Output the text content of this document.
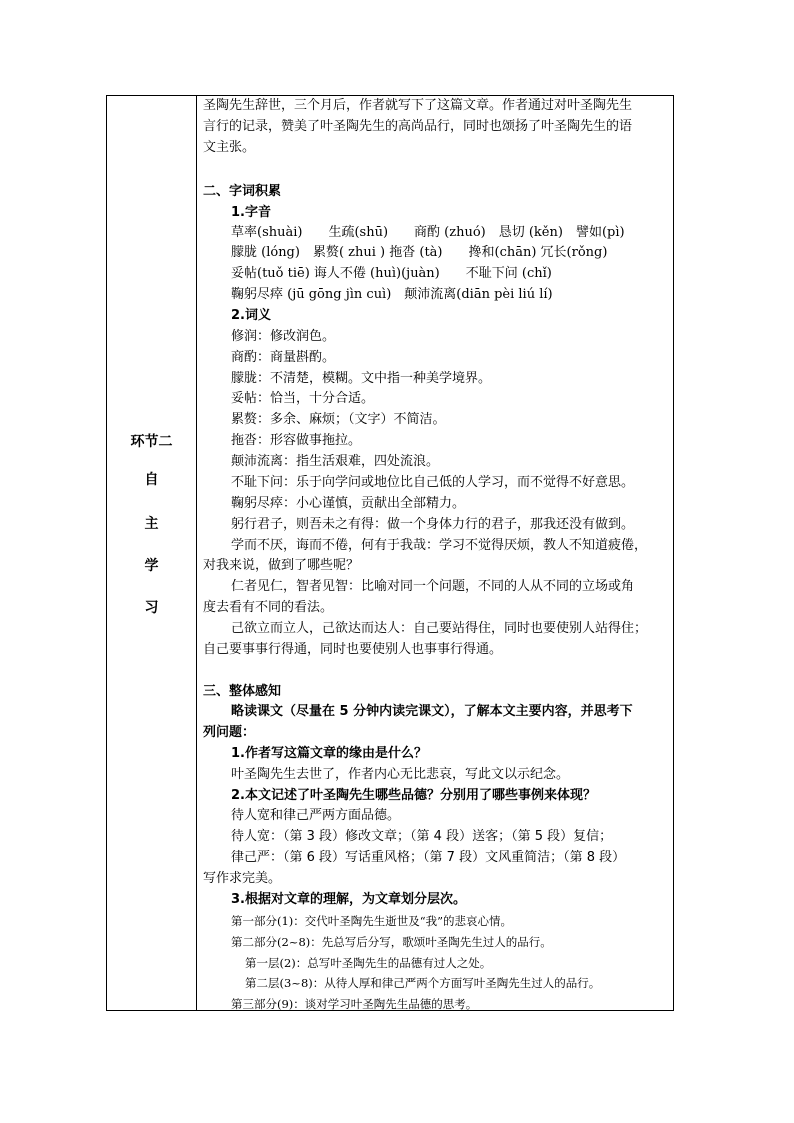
环节二
自
主
学
习
圣陶先生辞世，三个月后，作者就写下了这篇文章。作者通过对叶圣陶先生
言行的记录，赞美了叶圣陶先生的高尚品行，同时也颂扬了叶圣陶先生的语
文主张。
二、字词积累
1.字音
草率(shuài)　　生疏(shū)　　商酌 (zhuó)　恳切 (kěn)　譬如(pì)
朦胧 (lóng)　累赘( zhui ) 拖沓 (tà)　　搀和(chān) 冗长(rǒng)
妥帖(tuǒ tiē) 诲人不倦 (huì)(juàn)　　不耻下问 (chǐ)
鞠躬尽瘁 (jū gōng jìn cuì)　颠沛流离(diān pèi liú lí)
2.词义
修润：修改润色。
商酌：商量斟酌。
朦胧：不清楚，模糊。文中指一种美学境界。
妥帖：恰当，十分合适。
累赘：多余、麻烦；（文字）不简洁。
拖沓：形容做事拖拉。
颠沛流离：指生活艰难，四处流浪。
不耻下问：乐于向学问或地位比自己低的人学习，而不觉得不好意思。
鞠躬尽瘁：小心谨慎，贡献出全部精力。
躬行君子，则吾未之有得：做一个身体力行的君子，那我还没有做到。
学而不厌，诲而不倦，何有于我哉：学习不觉得厌烦，教人不知道疲倦，
对我来说，做到了哪些呢？
仁者见仁，智者见智：比喻对同一个问题，不同的人从不同的立场或角
度去看有不同的看法。
己欲立而立人，己欲达而达人：自己要站得住，同时也要使别人站得住；
自己要事事行得通，同时也要使别人也事事行得通。
三、整体感知
略读课文（尽量在 5 分钟内读完课文），了解本文主要内容，并思考下
列问题：
1.作者写这篇文章的缘由是什么？
叶圣陶先生去世了，作者内心无比悲哀，写此文以示纪念。
2.本文记述了叶圣陶先生哪些品德？分别用了哪些事例来体现？
待人宽和律己严两方面品德。
待人宽：（第 3 段）修改文章；（第 4 段）送客；（第 5 段）复信；
律己严：（第 6 段）写话重风格；（第 7 段）文风重简洁；（第 8 段）
写作求完美。
3.根据对文章的理解，为文章划分层次。
第一部分(1)：交代叶圣陶先生逝世及“我”的悲哀心情。
第二部分(2~8)：先总写后分写，歌颂叶圣陶先生过人的品行。
第一层(2)：总写叶圣陶先生的品德有过人之处。
第二层(3~8)：从待人厚和律己严两个方面写叶圣陶先生过人的品行。
第三部分(9)：谈对学习叶圣陶先生品德的思考。
